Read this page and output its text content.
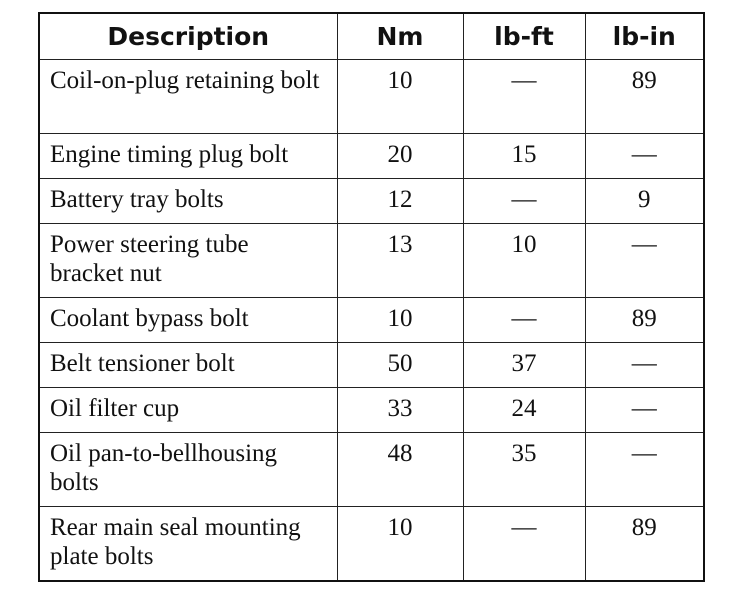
Description	Nm	lb-ft	lb-in
Coil-on-plug retaining bolt	10	—	89
Engine timing plug bolt	20	15	—
Battery tray bolts	12	—	9
Power steering tube bracket nut	13	10	—
Coolant bypass bolt	10	—	89
Belt tensioner bolt	50	37	—
Oil filter cup	33	24	—
Oil pan-to-bellhousing bolts	48	35	—
Rear main seal mounting plate bolts	10	—	89
